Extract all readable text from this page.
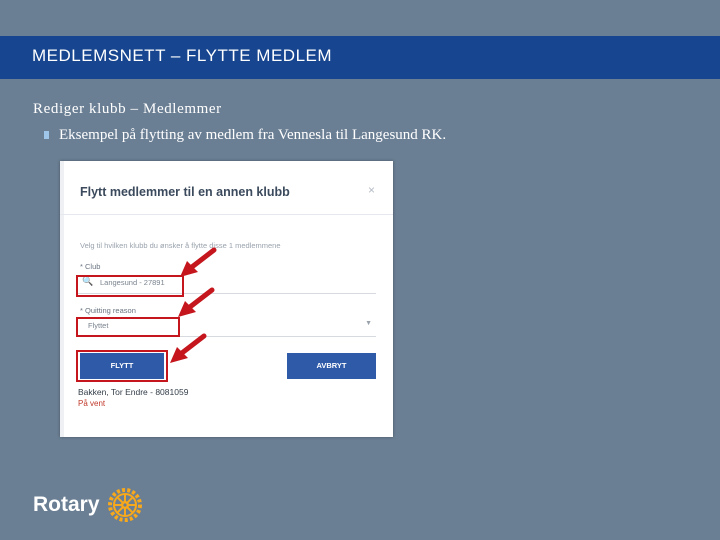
MEDLEMSNETT – FLYTTE MEDLEM
Rediger klubb – Medlemmer
Eksempel på flytting av medlem fra Vennesla til Langesund RK.
Flytt medlemmer til en annen klubb	×
Velg til hvilken klubb du ønsker å flytte disse 1 medlemmene
* Club
🔍 Langesund - 27891
* Quitting reason
Flyttet	▼
FLYTT	AVBRYT
Bakken, Tor Endre - 8081059
På vent
Rotary
